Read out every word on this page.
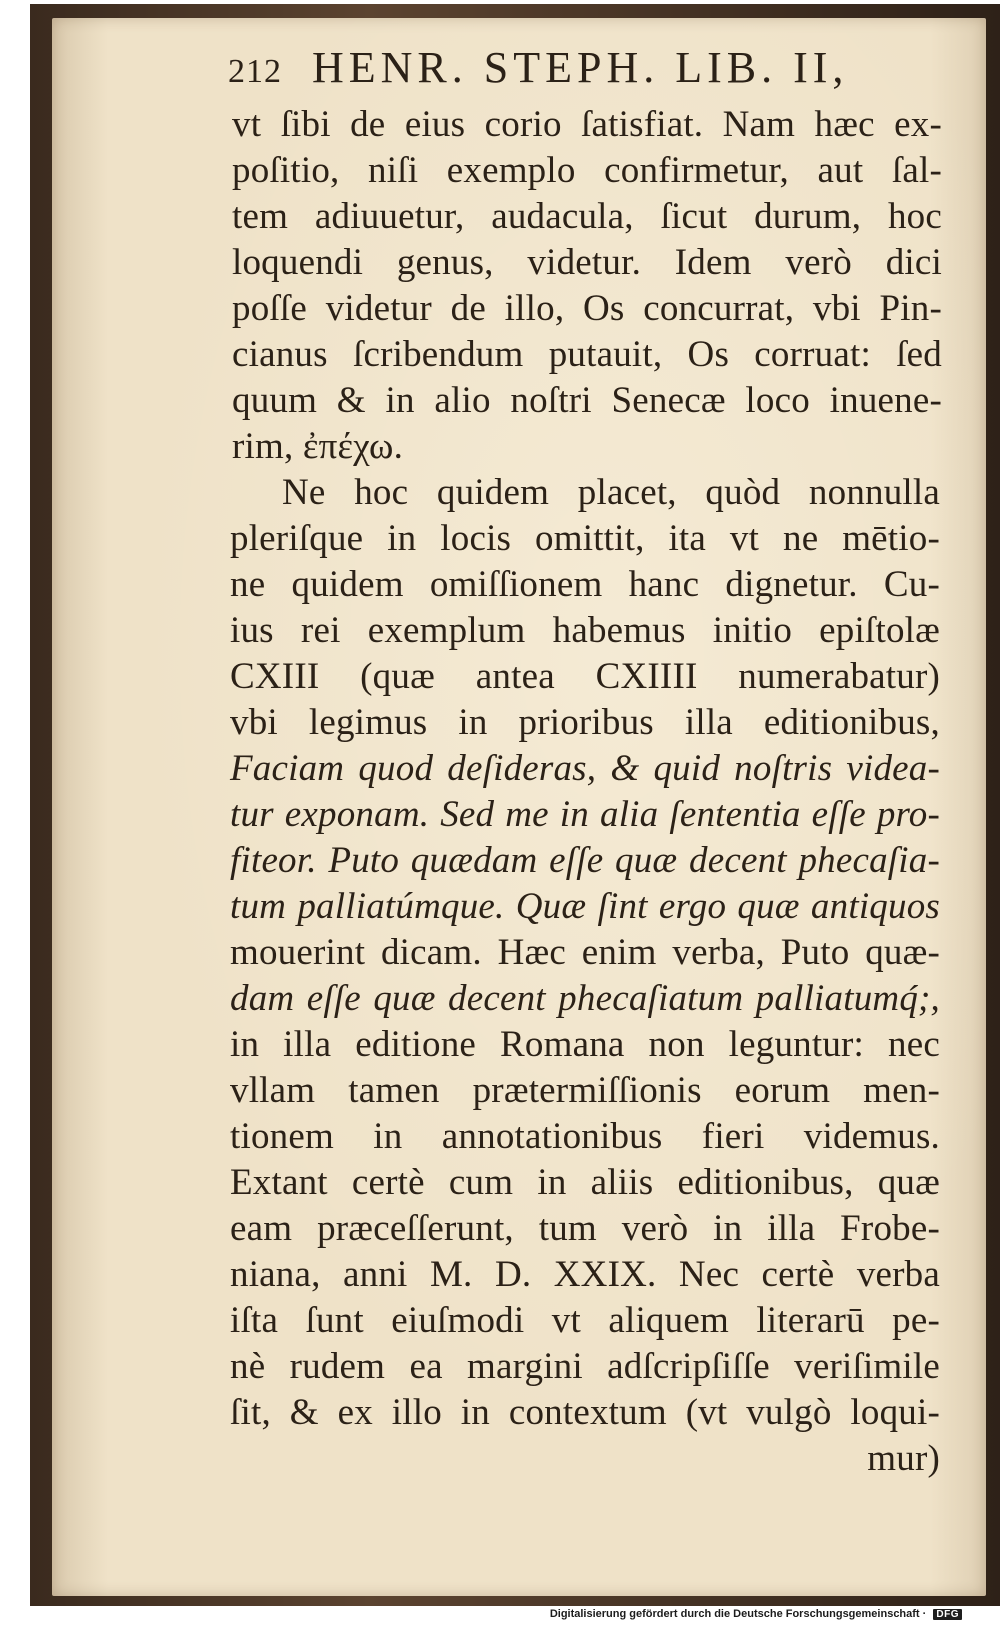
212 HENR. STEPH. LIB. II,

vt ſibi de eius corio ſatisfiat. Nam hæc ex-

poſitio, niſi exemplo confirmetur, aut ſal-

tem adiuuetur, audacula, ſicut durum, hoc

loquendi genus, videtur. Idem verò dici

poſſe videtur de illo, Os concurrat, vbi Pin-

cianus ſcribendum putauit, Os corruat: ſed

quum & in alio noſtri Senecæ loco inuene-

rim, ἐπέχω.

Ne hoc quidem placet, quòd nonnulla

pleriſque in locis omittit, ita vt ne mētio-

ne quidem omiſſionem hanc dignetur. Cu-

ius rei exemplum habemus initio epiſtolæ

CXIII (quæ antea CXIIII numerabatur)

vbi legimus in prioribus illa editionibus,

Faciam quod deſideras, & quid noſtris videa-

tur exponam. Sed me in alia ſententia eſſe pro-

fiteor. Puto quædam eſſe quæ decent phecaſia-

tum palliatúmque. Quæ ſint ergo quæ antiquos

mouerint dicam. Hæc enim verba, Puto quæ-

dam eſſe quæ decent phecaſiatum palliatumq́;,

in illa editione Romana non leguntur: nec

vllam tamen prætermiſſionis eorum men-

tionem in annotationibus fieri videmus.

Extant certè cum in aliis editionibus, quæ

eam præceſſerunt, tum verò in illa Frobe-

niana, anni M. D. XXIX. Nec certè verba

iſta ſunt eiuſmodi vt aliquem literarū pe-

nè rudem ea margini adſcripſiſſe veriſimile

ſit, & ex illo in contextum (vt vulgò loqui-

mur)

Digitalisierung gefördert durch die Deutsche Forschungsgemeinschaft · DFG
